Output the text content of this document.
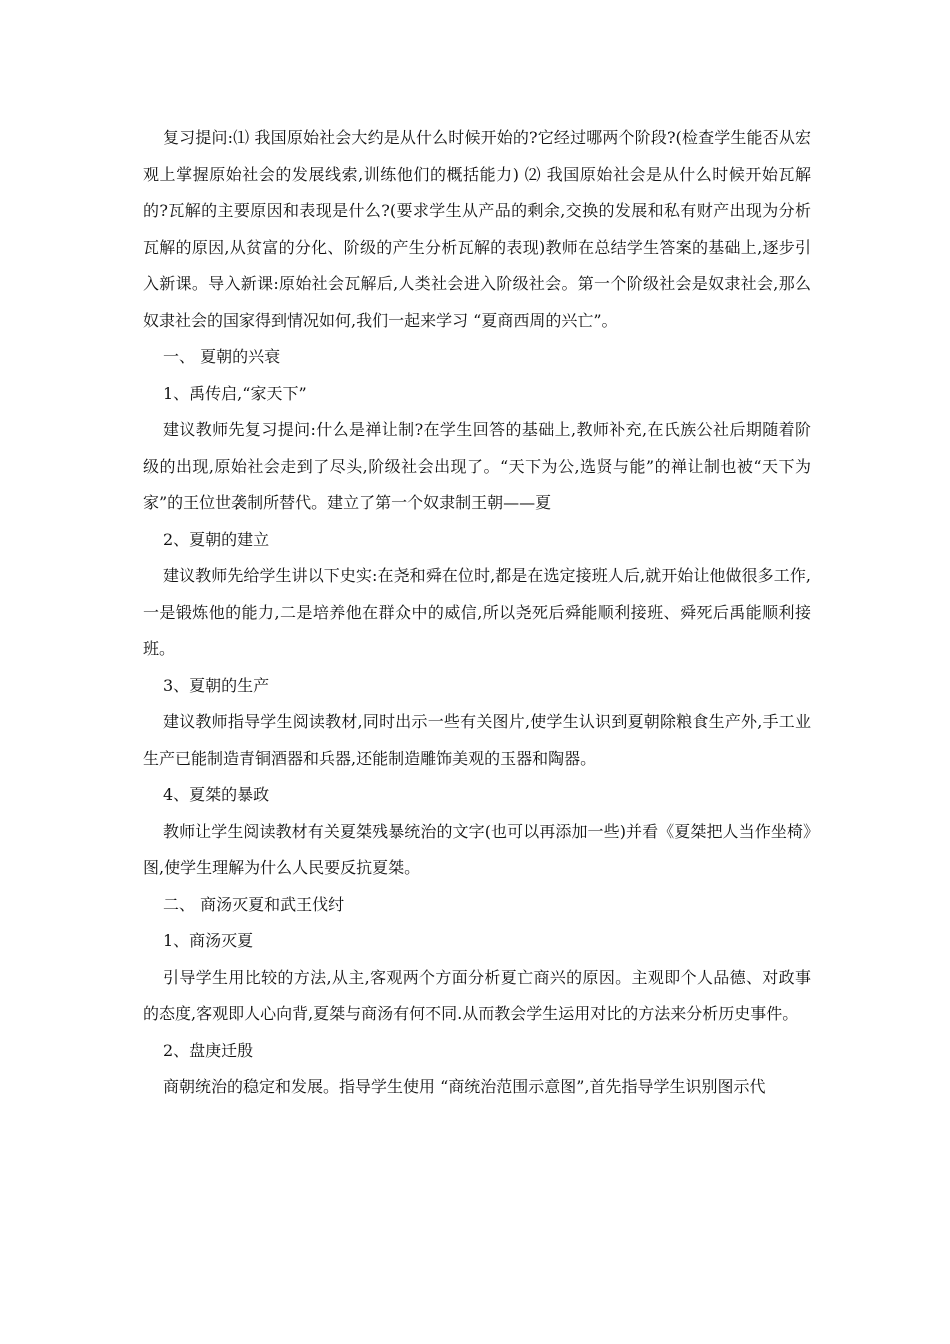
复习提问:⑴ 我国原始社会大约是从什么时候开始的?它经过哪两个阶段?(检查学生能否从宏观上掌握原始社会的发展线索,训练他们的概括能力) ⑵ 我国原始社会是从什么时候开始瓦解的?瓦解的主要原因和表现是什么?(要求学生从产品的剩余,交换的发展和私有财产出现为分析瓦解的原因,从贫富的分化、阶级的产生分析瓦解的表现)教师在总结学生答案的基础上,逐步引入新课。导入新课:原始社会瓦解后,人类社会进入阶级社会。第一个阶级社会是奴隶社会,那么奴隶社会的国家得到情况如何,我们一起来学习 “夏商西周的兴亡”。

一、 夏朝的兴衰

1、禹传启,“家天下”

建议教师先复习提问:什么是禅让制?在学生回答的基础上,教师补充,在氏族公社后期随着阶级的出现,原始社会走到了尽头,阶级社会出现了。“天下为公,选贤与能”的禅让制也被“天下为家”的王位世袭制所替代。建立了第一个奴隶制王朝——夏

2、夏朝的建立

建议教师先给学生讲以下史实:在尧和舜在位时,都是在选定接班人后,就开始让他做很多工作,一是锻炼他的能力,二是培养他在群众中的威信,所以尧死后舜能顺利接班、舜死后禹能顺利接班。

3、夏朝的生产

建议教师指导学生阅读教材,同时出示一些有关图片,使学生认识到夏朝除粮食生产外,手工业生产已能制造青铜酒器和兵器,还能制造雕饰美观的玉器和陶器。

4、夏桀的暴政

教师让学生阅读教材有关夏桀残暴统治的文字(也可以再添加一些)并看《夏桀把人当作坐椅》图,使学生理解为什么人民要反抗夏桀。

二、 商汤灭夏和武王伐纣

1、商汤灭夏

引导学生用比较的方法,从主,客观两个方面分析夏亡商兴的原因。主观即个人品德、对政事的态度,客观即人心向背,夏桀与商汤有何不同.从而教会学生运用对比的方法来分析历史事件。

2、盘庚迁殷

商朝统治的稳定和发展。指导学生使用 “商统治范围示意图”,首先指导学生识别图示代
